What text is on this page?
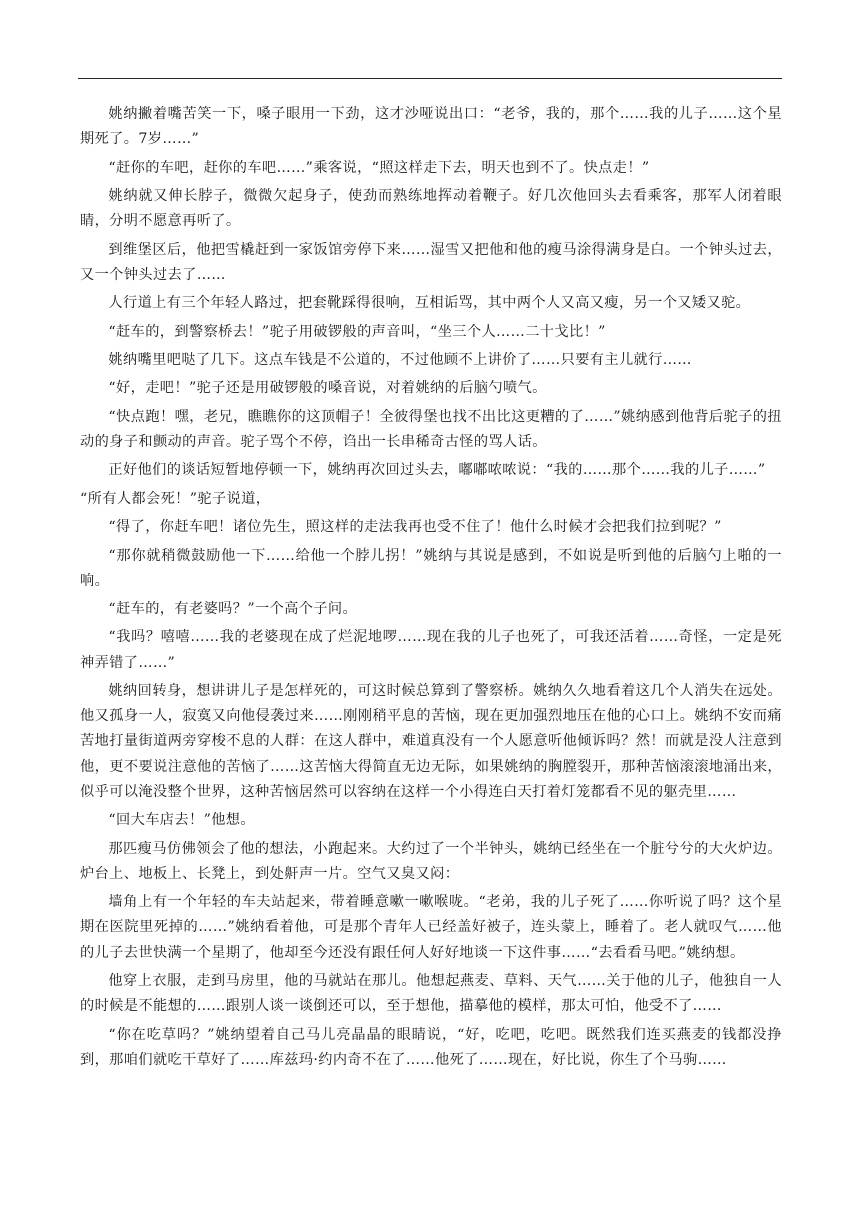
姚纳撇着嘴苦笑一下，嗓子眼用一下劲，这才沙哑说出口：“老爷，我的，那个……我的儿子……这个星期死了。7岁……”

“赶你的车吧，赶你的车吧……”乘客说，“照这样走下去，明天也到不了。快点走！”

姚纳就又伸长脖子，微微欠起身子，使劲而熟练地挥动着鞭子。好几次他回头去看乘客，那军人闭着眼睛，分明不愿意再听了。

到维堡区后，他把雪橇赶到一家饭馆旁停下来……湿雪又把他和他的瘦马涂得满身是白。一个钟头过去，又一个钟头过去了……

人行道上有三个年轻人路过，把套靴踩得很响，互相诟骂，其中两个人又高又瘦，另一个又矮又驼。

“赶车的，到警察桥去！”驼子用破锣般的声音叫，“坐三个人……二十戈比！”

姚纳嘴里吧哒了几下。这点车钱是不公道的，不过他顾不上讲价了……只要有主儿就行……

“好，走吧！”驼子还是用破锣般的嗓音说，对着姚纳的后脑勺喷气。

“快点跑！嘿，老兄，瞧瞧你的这顶帽子！全彼得堡也找不出比这更糟的了……”姚纳感到他背后驼子的扭动的身子和颤动的声音。驼子骂个不停，诌出一长串稀奇古怪的骂人话。

正好他们的谈话短暂地停顿一下，姚纳再次回过头去，嘟嘟哝哝说：“我的……那个……我的儿子……”

“所有人都会死！”驼子说道，

“得了，你赶车吧！诸位先生，照这样的走法我再也受不住了！他什么时候才会把我们拉到呢？”

“那你就稍微鼓励他一下……给他一个脖儿拐！”姚纳与其说是感到，不如说是听到他的后脑勺上啪的一响。

“赶车的，有老婆吗？”一个高个子问。

“我吗？嘻嘻……我的老婆现在成了烂泥地啰……现在我的儿子也死了，可我还活着……奇怪，一定是死神弄错了……”

姚纳回转身，想讲讲儿子是怎样死的，可这时候总算到了警察桥。姚纳久久地看着这几个人消失在远处。他又孤身一人，寂寞又向他侵袭过来……刚刚稍平息的苦恼，现在更加强烈地压在他的心口上。姚纳不安而痛苦地打量街道两旁穿梭不息的人群：在这人群中，难道真没有一个人愿意听他倾诉吗？然！而就是没人注意到他，更不要说注意他的苦恼了……这苦恼大得简直无边无际，如果姚纳的胸膛裂开，那种苦恼滚滚地涌出来，似乎可以淹没整个世界，这种苦恼居然可以容纳在这样一个小得连白天打着灯笼都看不见的躯壳里……

“回大车店去！”他想。

那匹瘦马仿佛领会了他的想法，小跑起来。大约过了一个半钟头，姚纳已经坐在一个脏兮兮的大火炉边。炉台上、地板上、长凳上，到处鼾声一片。空气又臭又闷：

墙角上有一个年轻的车夫站起来，带着睡意嗽一嗽喉咙。“老弟，我的儿子死了……你听说了吗？这个星期在医院里死掉的……”姚纳看着他，可是那个青年人已经盖好被子，连头蒙上，睡着了。老人就叹气……他的儿子去世快满一个星期了，他却至今还没有跟任何人好好地谈一下这件事……“去看看马吧。”姚纳想。

他穿上衣服，走到马房里，他的马就站在那儿。他想起燕麦、草料、天气……关于他的儿子，他独自一人的时候是不能想的……跟别人谈一谈倒还可以，至于想他，描摹他的模样，那太可怕，他受不了……

“你在吃草吗？”姚纳望着自己马儿亮晶晶的眼睛说，“好，吃吧，吃吧。既然我们连买燕麦的钱都没挣到，那咱们就吃干草好了……库兹玛·约内奇不在了……他死了……现在，好比说，你生了个马驹……
